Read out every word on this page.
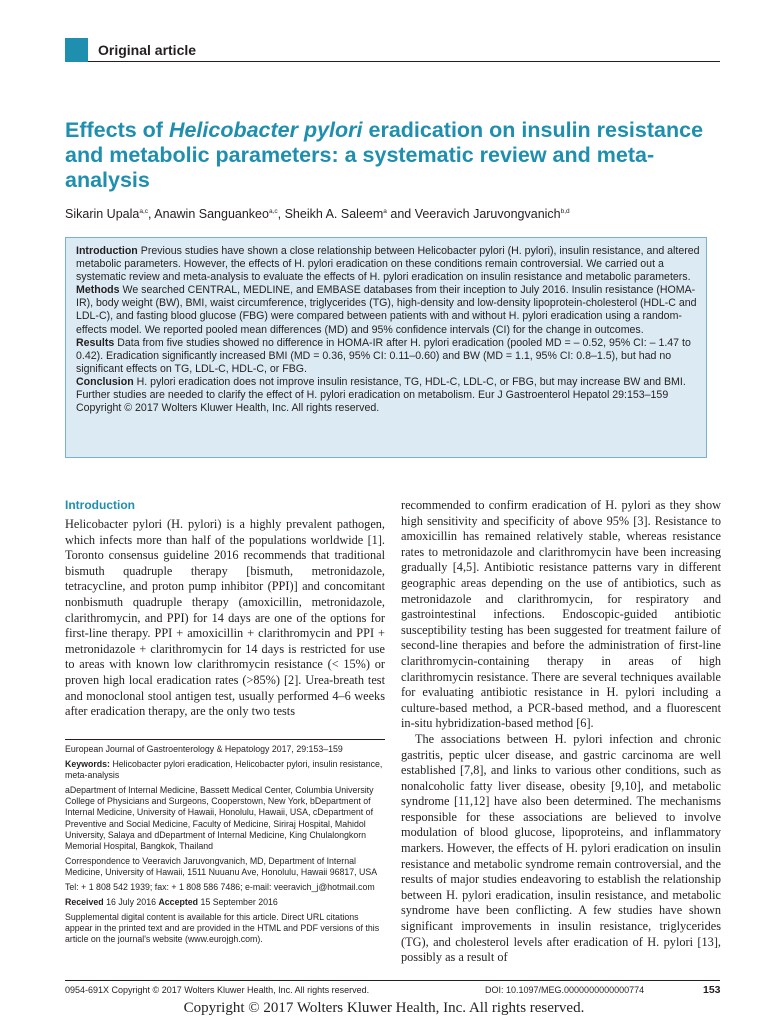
Original article
Effects of Helicobacter pylori eradication on insulin resistance and metabolic parameters: a systematic review and meta-analysis
Sikarin Upala$^{a,c}$, Anawin Sanguankeo$^{a,c}$, Sheikh A. Saleem$^a$ and Veeravich Jaruvongvanich$^{b,d}$

Introduction Previous studies have shown a close relationship between Helicobacter pylori (H. pylori), insulin resistance, and altered metabolic parameters. However, the effects of H. pylori eradication on these conditions remain controversial. We carried out a systematic review and meta-analysis to evaluate the effects of H. pylori eradication on insulin resistance and metabolic parameters.

Methods We searched CENTRAL, MEDLINE, and EMBASE databases from their inception to July 2016. Insulin resistance (HOMA-IR), body weight (BW), BMI, waist circumference, triglycerides (TG), high-density and low-density lipoprotein-cholesterol (HDL-C and LDL-C), and fasting blood glucose (FBG) were compared between patients with and without H. pylori eradication using a random-effects model. We reported pooled mean differences (MD) and 95% confidence intervals (CI) for the change in outcomes.

Results Data from five studies showed no difference in HOMA-IR after H. pylori eradication (pooled MD = – 0.52, 95% CI: – 1.47 to 0.42). Eradication significantly increased BMI (MD = 0.36, 95% CI: 0.11–0.60) and BW (MD = 1.1, 95% CI: 0.8–1.5), but had no significant effects on TG, LDL-C, HDL-C, or FBG.

Conclusion H. pylori eradication does not improve insulin resistance, TG, HDL-C, LDL-C, or FBG, but may increase BW and BMI. Further studies are needed to clarify the effect of H. pylori eradication on metabolism. Eur J Gastroenterol Hepatol 29:153–159

Copyright © 2017 Wolters Kluwer Health, Inc. All rights reserved.

Introduction

Helicobacter pylori (H. pylori) is a highly prevalent pathogen, which infects more than half of the populations worldwide [1]. Toronto consensus guideline 2016 recommends that traditional bismuth quadruple therapy [bismuth, metronidazole, tetracycline, and proton pump inhibitor (PPI)] and concomitant nonbismuth quadruple therapy (amoxicillin, metronidazole, clarithromycin, and PPI) for 14 days are one of the options for first-line therapy. PPI + amoxicillin + clarithromycin and PPI + metronidazole + clarithromycin for 14 days is restricted for use to areas with known low clarithromycin resistance (< 15%) or proven high local eradication rates (>85%) [2]. Urea-breath test and monoclonal stool antigen test, usually performed 4–6 weeks after eradication therapy, are the only two tests

European Journal of Gastroenterology & Hepatology 2017, 29:153–159

Keywords: Helicobacter pylori eradication, Helicobacter pylori, insulin resistance, meta-analysis

aDepartment of Internal Medicine, Bassett Medical Center, Columbia University College of Physicians and Surgeons, Cooperstown, New York, bDepartment of Internal Medicine, University of Hawaii, Honolulu, Hawaii, USA, cDepartment of Preventive and Social Medicine, Faculty of Medicine, Siriraj Hospital, Mahidol University, Salaya and dDepartment of Internal Medicine, King Chulalongkorn Memorial Hospital, Bangkok, Thailand

Correspondence to Veeravich Jaruvongvanich, MD, Department of Internal Medicine, University of Hawaii, 1511 Nuuanu Ave, Honolulu, Hawaii 96817, USA

Tel: + 1 808 542 1939; fax: + 1 808 586 7486; e-mail: veeravich_j@hotmail.com

Received 16 July 2016 Accepted 15 September 2016

Supplemental digital content is available for this article. Direct URL citations appear in the printed text and are provided in the HTML and PDF versions of this article on the journal's website (www.eurojgh.com).

recommended to confirm eradication of H. pylori as they show high sensitivity and specificity of above 95% [3]. Resistance to amoxicillin has remained relatively stable, whereas resistance rates to metronidazole and clarithromycin have been increasing gradually [4,5]. Antibiotic resistance patterns vary in different geographic areas depending on the use of antibiotics, such as metronidazole and clarithromycin, for respiratory and gastrointestinal infections. Endoscopic-guided antibiotic susceptibility testing has been suggested for treatment failure of second-line therapies and before the administration of first-line clarithromycin-containing therapy in areas of high clarithromycin resistance. There are several techniques available for evaluating antibiotic resistance in H. pylori including a culture-based method, a PCR-based method, and a fluorescent in-situ hybridization-based method [6].

The associations between H. pylori infection and chronic gastritis, peptic ulcer disease, and gastric carcinoma are well established [7,8], and links to various other conditions, such as nonalcoholic fatty liver disease, obesity [9,10], and metabolic syndrome [11,12] have also been determined. The mechanisms responsible for these associations are believed to involve modulation of blood glucose, lipoproteins, and inflammatory markers. However, the effects of H. pylori eradication on insulin resistance and metabolic syndrome remain controversial, and the results of major studies endeavoring to establish the relationship between H. pylori eradication, insulin resistance, and metabolic syndrome have been conflicting. A few studies have shown significant improvements in insulin resistance, triglycerides (TG), and cholesterol levels after eradication of H. pylori [13], possibly as a result of

0954-691X Copyright © 2017 Wolters Kluwer Health, Inc. All rights reserved.	DOI: 10.1097/MEG.0000000000000774	153
Copyright © 2017 Wolters Kluwer Health, Inc. All rights reserved.
